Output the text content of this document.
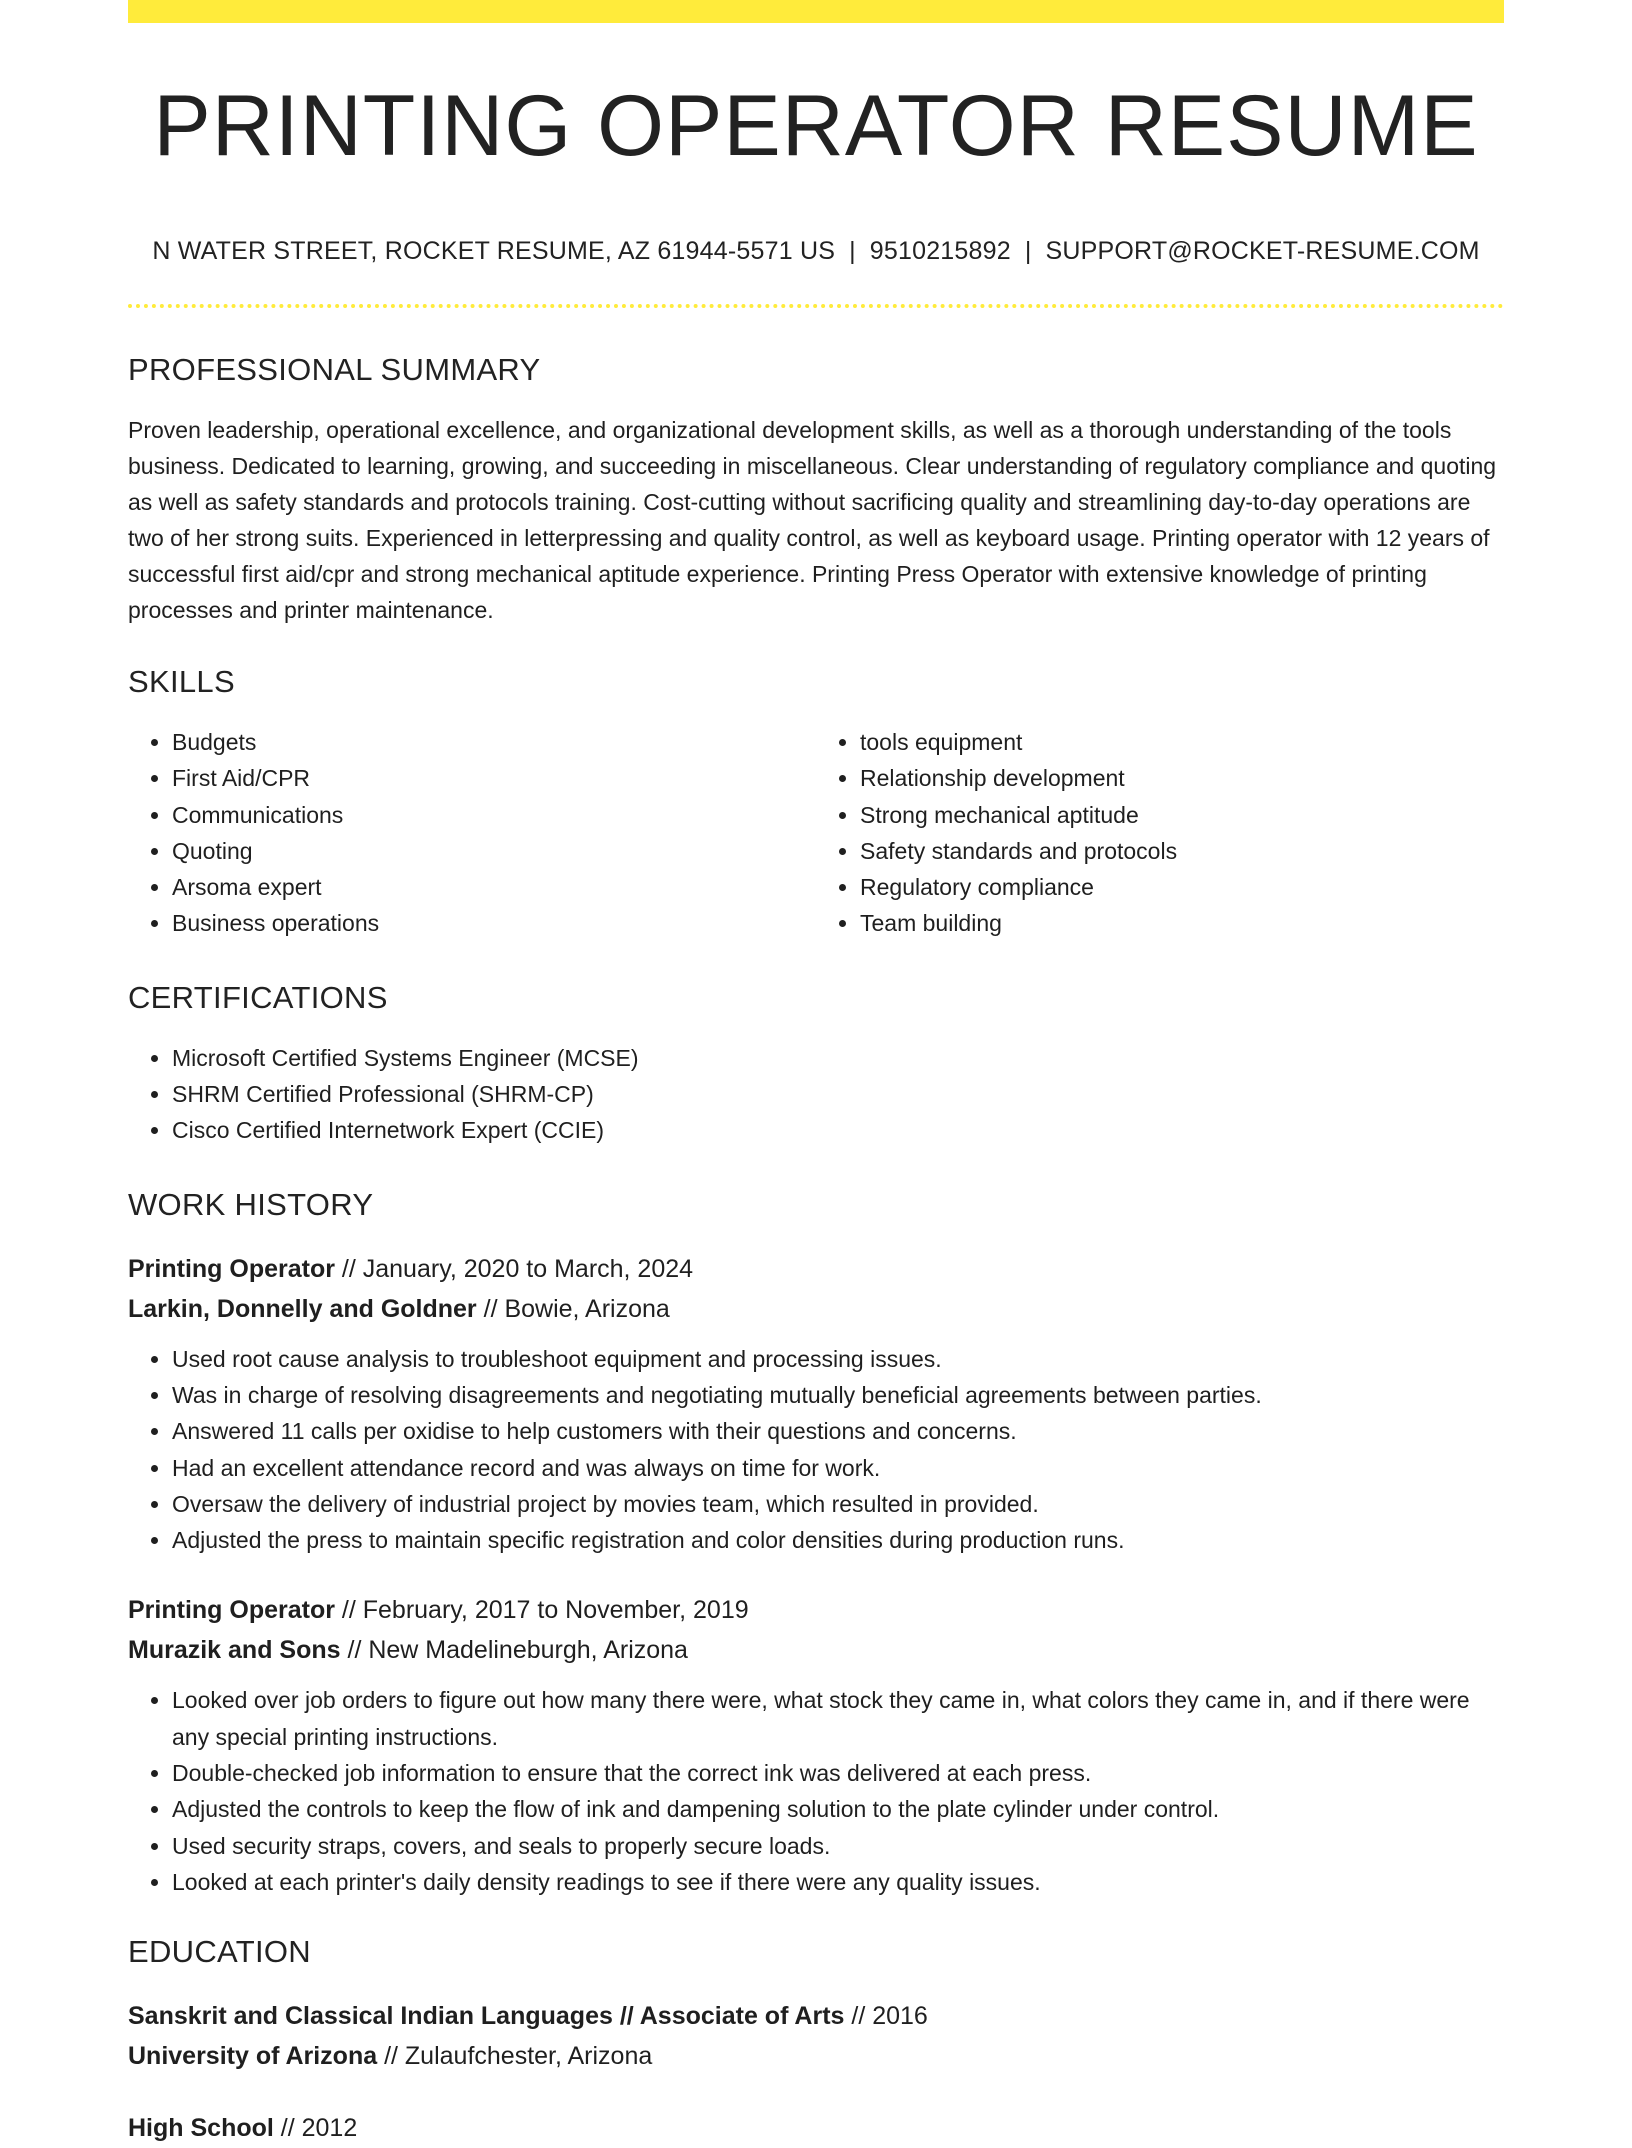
PRINTING OPERATOR RESUME
N WATER STREET, ROCKET RESUME, AZ 61944-5571 US | 9510215892 | SUPPORT@ROCKET-RESUME.COM
PROFESSIONAL SUMMARY
Proven leadership, operational excellence, and organizational development skills, as well as a thorough understanding of the tools business. Dedicated to learning, growing, and succeeding in miscellaneous. Clear understanding of regulatory compliance and quoting as well as safety standards and protocols training. Cost-cutting without sacrificing quality and streamlining day-to-day operations are two of her strong suits. Experienced in letterpressing and quality control, as well as keyboard usage. Printing operator with 12 years of successful first aid/cpr and strong mechanical aptitude experience. Printing Press Operator with extensive knowledge of printing processes and printer maintenance.
SKILLS
• Budgets
• First Aid/CPR
• Communications
• Quoting
• Arsoma expert
• Business operations
• tools equipment
• Relationship development
• Strong mechanical aptitude
• Safety standards and protocols
• Regulatory compliance
• Team building
CERTIFICATIONS
• Microsoft Certified Systems Engineer (MCSE)
• SHRM Certified Professional (SHRM-CP)
• Cisco Certified Internetwork Expert (CCIE)
WORK HISTORY
Printing Operator // January, 2020 to March, 2024
Larkin, Donnelly and Goldner // Bowie, Arizona
• Used root cause analysis to troubleshoot equipment and processing issues.
• Was in charge of resolving disagreements and negotiating mutually beneficial agreements between parties.
• Answered 11 calls per oxidise to help customers with their questions and concerns.
• Had an excellent attendance record and was always on time for work.
• Oversaw the delivery of industrial project by movies team, which resulted in provided.
• Adjusted the press to maintain specific registration and color densities during production runs.
Printing Operator // February, 2017 to November, 2019
Murazik and Sons // New Madelineburgh, Arizona
• Looked over job orders to figure out how many there were, what stock they came in, what colors they came in, and if there were any special printing instructions.
• Double-checked job information to ensure that the correct ink was delivered at each press.
• Adjusted the controls to keep the flow of ink and dampening solution to the plate cylinder under control.
• Used security straps, covers, and seals to properly secure loads.
• Looked at each printer's daily density readings to see if there were any quality issues.
EDUCATION
Sanskrit and Classical Indian Languages // Associate of Arts // 2016
University of Arizona // Zulaufchester, Arizona
High School // 2012
